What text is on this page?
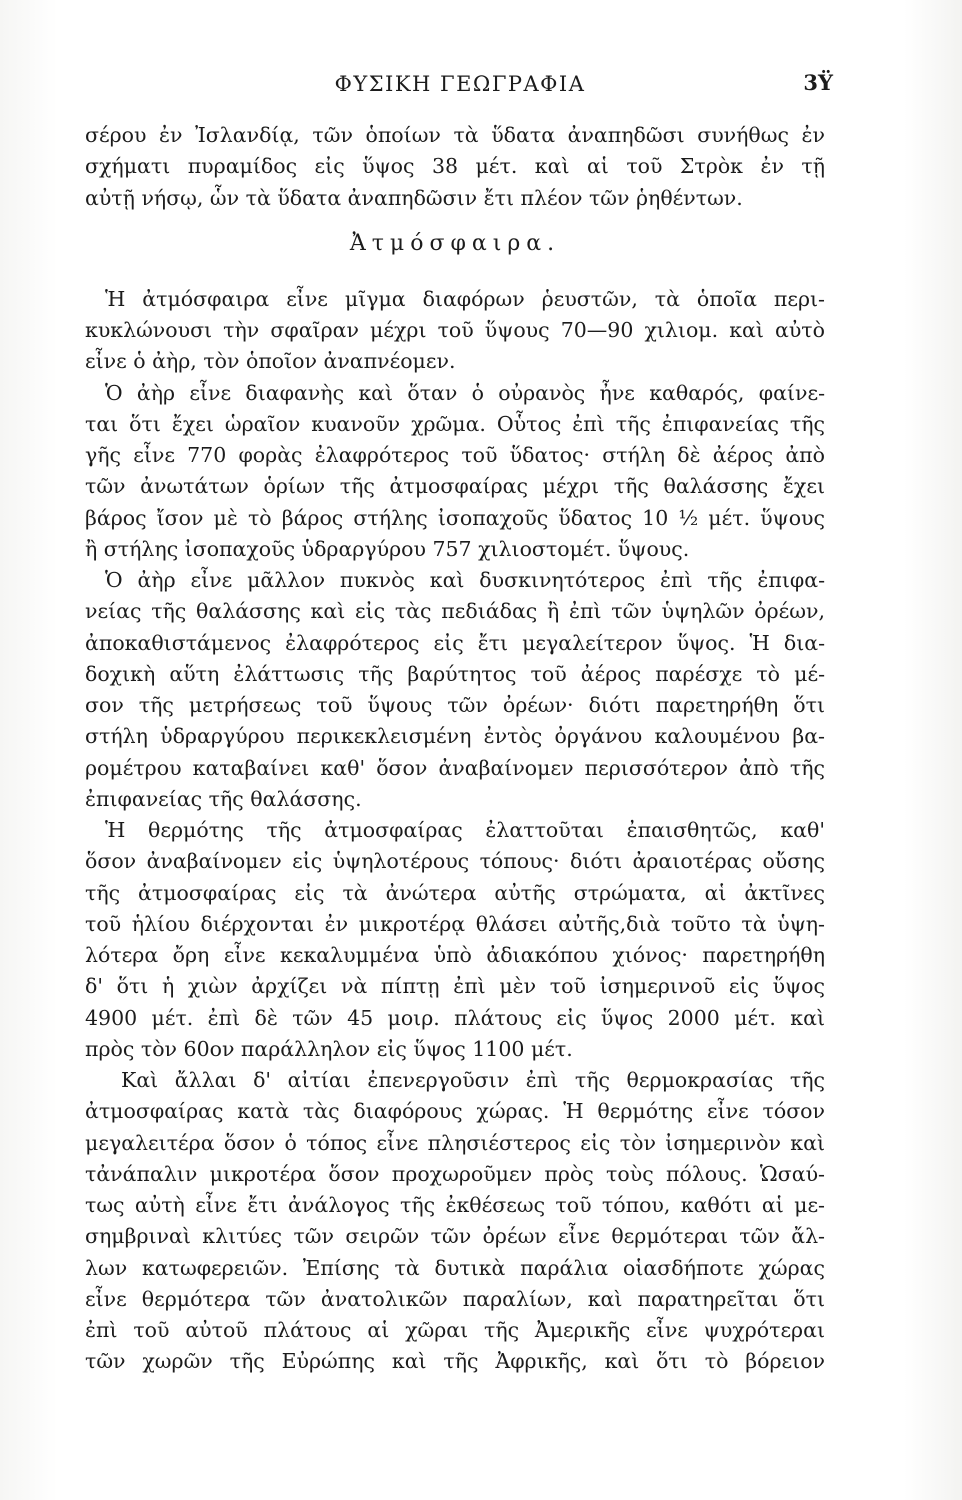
ΦΥΣΙΚΗ ΓΕΩΓΡΑΦΙΑ	3Ϋ
σέρου ἐν Ἰσλανδίᾳ, τῶν ὁποίων τὰ ὕδατα ἀναπηδῶσι συνήθως ἐν
σχήματι πυραμίδος εἰς ὕψος 38 μέτ. καὶ αἱ τοῦ Στρὸκ ἐν τῇ
αὐτῇ νήσῳ, ὧν τὰ ὕδατα ἀναπηδῶσιν ἔτι πλέον τῶν ῥηθέντων.
Ἀτμόσφαιρα.
Ἡ ἀτμόσφαιρα εἶνε μῖγμα διαφόρων ῥευστῶν, τὰ ὁποῖα περι-
κυκλώνουσι τὴν σφαῖραν μέχρι τοῦ ὕψους 70—90 χιλιομ. καὶ αὐτὸ
εἶνε ὁ ἀὴρ, τὸν ὁποῖον ἀναπνέομεν.
Ὁ ἀὴρ εἶνε διαφανὴς καὶ ὅταν ὁ οὐρανὸς ἦνε καθαρός, φαίνε-
ται ὅτι ἔχει ὡραῖον κυανοῦν χρῶμα. Οὗτος ἐπὶ τῆς ἐπιφανείας τῆς
γῆς εἶνε 770 φορὰς ἐλαφρότερος τοῦ ὕδατος· στήλη δὲ ἀέρος ἀπὸ
τῶν ἀνωτάτων ὁρίων τῆς ἀτμοσφαίρας μέχρι τῆς θαλάσσης ἔχει
βάρος ἴσον μὲ τὸ βάρος στήλης ἰσοπαχοῦς ὕδατος 10 ½ μέτ. ὕψους
ἢ στήλης ἰσοπαχοῦς ὑδραργύρου 757 χιλιοστομέτ. ὕψους.
Ὁ ἀὴρ εἶνε μᾶλλον πυκνὸς καὶ δυσκινητότερος ἐπὶ τῆς ἐπιφα-
νείας τῆς θαλάσσης καὶ εἰς τὰς πεδιάδας ἢ ἐπὶ τῶν ὑψηλῶν ὀρέων,
ἀποκαθιστάμενος ἐλαφρότερος εἰς ἔτι μεγαλείτερον ὕψος. Ἡ δια-
δοχικὴ αὕτη ἐλάττωσις τῆς βαρύτητος τοῦ ἀέρος παρέσχε τὸ μέ-
σον τῆς μετρήσεως τοῦ ὕψους τῶν ὀρέων· διότι παρετηρήθη ὅτι
στήλη ὑδραργύρου περικεκλεισμένη ἐντὸς ὀργάνου καλουμένου βα-
ρομέτρου καταβαίνει καθ' ὅσον ἀναβαίνομεν περισσότερον ἀπὸ τῆς
ἐπιφανείας τῆς θαλάσσης.
Ἡ θερμότης τῆς ἀτμοσφαίρας ἐλαττοῦται ἐπαισθητῶς, καθ'
ὅσον ἀναβαίνομεν εἰς ὑψηλοτέρους τόπους· διότι ἀραιοτέρας οὔσης
τῆς ἀτμοσφαίρας εἰς τὰ ἀνώτερα αὐτῆς στρώματα, αἱ ἀκτῖνες
τοῦ ἡλίου διέρχονται ἐν μικροτέρᾳ θλάσει αὐτῆς,διὰ τοῦτο τὰ ὑψη-
λότερα ὄρη εἶνε κεκαλυμμένα ὑπὸ ἀδιακόπου χιόνος· παρετηρήθη
δ' ὅτι ἡ χιὼν ἀρχίζει νὰ πίπτῃ ἐπὶ μὲν τοῦ ἰσημερινοῦ εἰς ὕψος
4900 μέτ. ἐπὶ δὲ τῶν 45 μοιρ. πλάτους εἰς ὕψος 2000 μέτ. καὶ
πρὸς τὸν 60ον παράλληλον εἰς ὕψος 1100 μέτ.
Καὶ ἄλλαι δ' αἰτίαι ἐπενεργοῦσιν ἐπὶ τῆς θερμοκρασίας τῆς
ἀτμοσφαίρας κατὰ τὰς διαφόρους χώρας. Ἡ θερμότης εἶνε τόσον
μεγαλειτέρα ὅσον ὁ τόπος εἶνε πλησιέστερος εἰς τὸν ἰσημερινὸν καὶ
τἀνάπαλιν μικροτέρα ὅσον προχωροῦμεν πρὸς τοὺς πόλους. Ὡσαύ-
τως αὐτὴ εἶνε ἔτι ἀνάλογος τῆς ἐκθέσεως τοῦ τόπου, καθότι αἱ με-
σημβριναὶ κλιτύες τῶν σειρῶν τῶν ὀρέων εἶνε θερμότεραι τῶν ἄλ-
λων κατωφερειῶν. Ἐπίσης τὰ δυτικὰ παράλια οἱασδήποτε χώρας
εἶνε θερμότερα τῶν ἀνατολικῶν παραλίων, καὶ παρατηρεῖται ὅτι
ἐπὶ τοῦ αὐτοῦ πλάτους αἱ χῶραι τῆς Ἀμερικῆς εἶνε ψυχρότεραι
τῶν χωρῶν τῆς Εὐρώπης καὶ τῆς Ἀφρικῆς, καὶ ὅτι τὸ βόρειον
